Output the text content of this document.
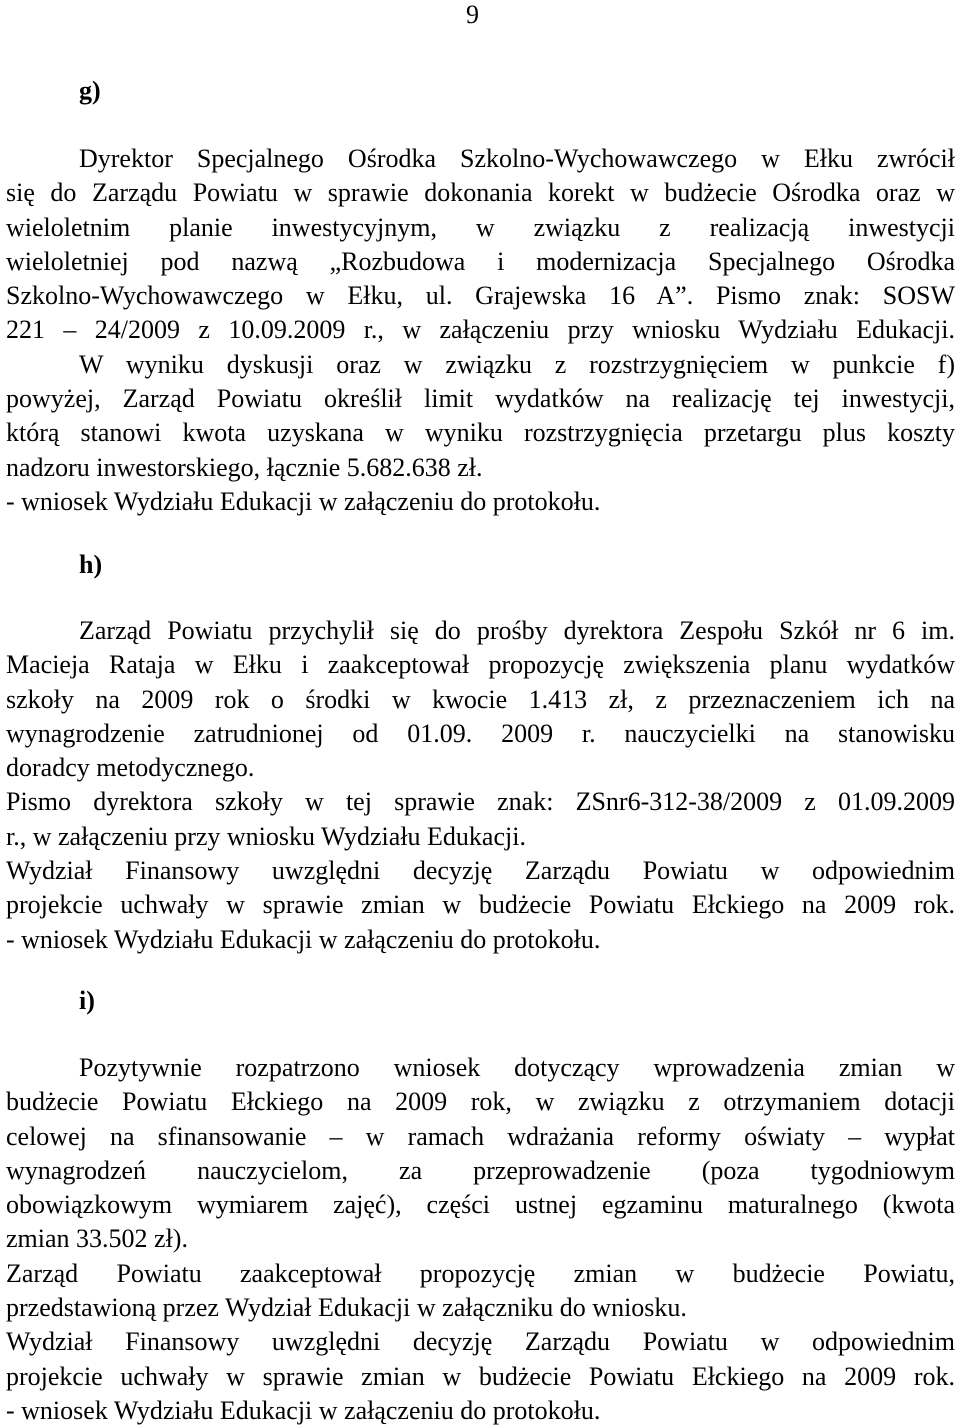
9
g)
Dyrektor Specjalnego Ośrodka Szkolno-Wychowawczego w Ełku zwrócił
się do Zarządu Powiatu w sprawie dokonania korekt w budżecie Ośrodka oraz w
wieloletnim planie inwestycyjnym, w związku z realizacją inwestycji
wieloletniej pod nazwą „Rozbudowa i modernizacja Specjalnego Ośrodka
Szkolno-Wychowawczego w Ełku, ul. Grajewska 16 A”. Pismo znak: SOSW
221 – 24/2009 z 10.09.2009 r., w załączeniu przy wniosku Wydziału Edukacji.
W wyniku dyskusji oraz w związku z rozstrzygnięciem w punkcie f)
powyżej, Zarząd Powiatu określił limit wydatków na realizację tej inwestycji,
którą stanowi kwota uzyskana w wyniku rozstrzygnięcia przetargu plus koszty
nadzoru inwestorskiego, łącznie 5.682.638 zł.
- wniosek Wydziału Edukacji w załączeniu do protokołu.
h)
Zarząd Powiatu przychylił się do prośby dyrektora Zespołu Szkół nr 6 im.
Macieja Rataja w Ełku i zaakceptował propozycję zwiększenia planu wydatków
szkoły na 2009 rok o środki w kwocie 1.413 zł, z przeznaczeniem ich na
wynagrodzenie zatrudnionej od 01.09. 2009 r. nauczycielki na stanowisku
doradcy metodycznego.
Pismo dyrektora szkoły w tej sprawie znak: ZSnr6-312-38/2009 z 01.09.2009
r., w załączeniu przy wniosku Wydziału Edukacji.
Wydział Finansowy uwzględni decyzję Zarządu Powiatu w odpowiednim
projekcie uchwały w sprawie zmian w budżecie Powiatu Ełckiego na 2009 rok.
- wniosek Wydziału Edukacji w załączeniu do protokołu.
i)
Pozytywnie rozpatrzono wniosek dotyczący wprowadzenia zmian w
budżecie Powiatu Ełckiego na 2009 rok, w związku z otrzymaniem dotacji
celowej na sfinansowanie – w ramach wdrażania reformy oświaty – wypłat
wynagrodzeń nauczycielom, za przeprowadzenie (poza tygodniowym
obowiązkowym wymiarem zajęć), części ustnej egzaminu maturalnego (kwota
zmian 33.502 zł).
Zarząd Powiatu zaakceptował propozycję zmian w budżecie Powiatu,
przedstawioną przez Wydział Edukacji w załączniku do wniosku.
Wydział Finansowy uwzględni decyzję Zarządu Powiatu w odpowiednim
projekcie uchwały w sprawie zmian w budżecie Powiatu Ełckiego na 2009 rok.
- wniosek Wydziału Edukacji w załączeniu do protokołu.
